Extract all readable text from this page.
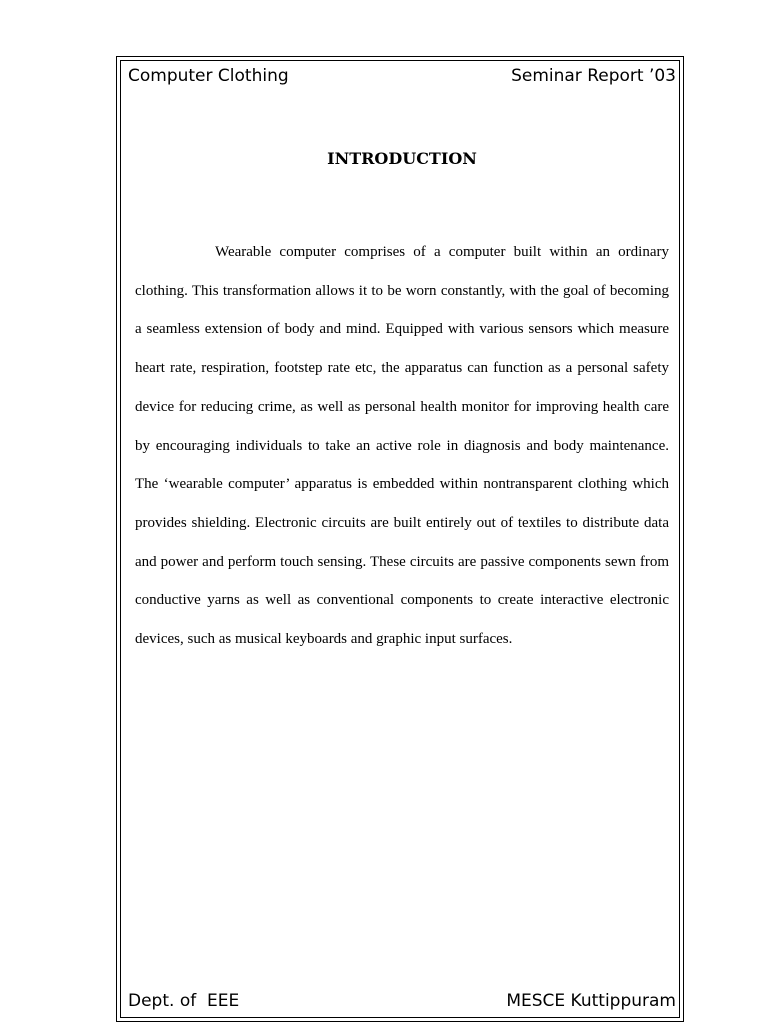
Computer Clothing	Seminar Report ’03
INTRODUCTION

Wearable computer comprises of a computer built within an ordinary clothing. This transformation allows it to be worn constantly, with the goal of becoming a seamless extension of body and mind. Equipped with various sensors which measure heart rate, respiration, footstep rate etc, the apparatus can function as a personal safety device for reducing crime, as well as personal health monitor for improving health care by encouraging individuals to take an active role in diagnosis and body maintenance. The ‘wearable computer’ apparatus is embedded within nontransparent clothing which provides shielding. Electronic circuits are built entirely out of textiles to distribute data and power and perform touch sensing. These circuits are passive components sewn from conductive yarns as well as conventional components to create interactive electronic devices, such as musical keyboards and graphic input surfaces.

Dept. of  EEE	MESCE Kuttippuram
